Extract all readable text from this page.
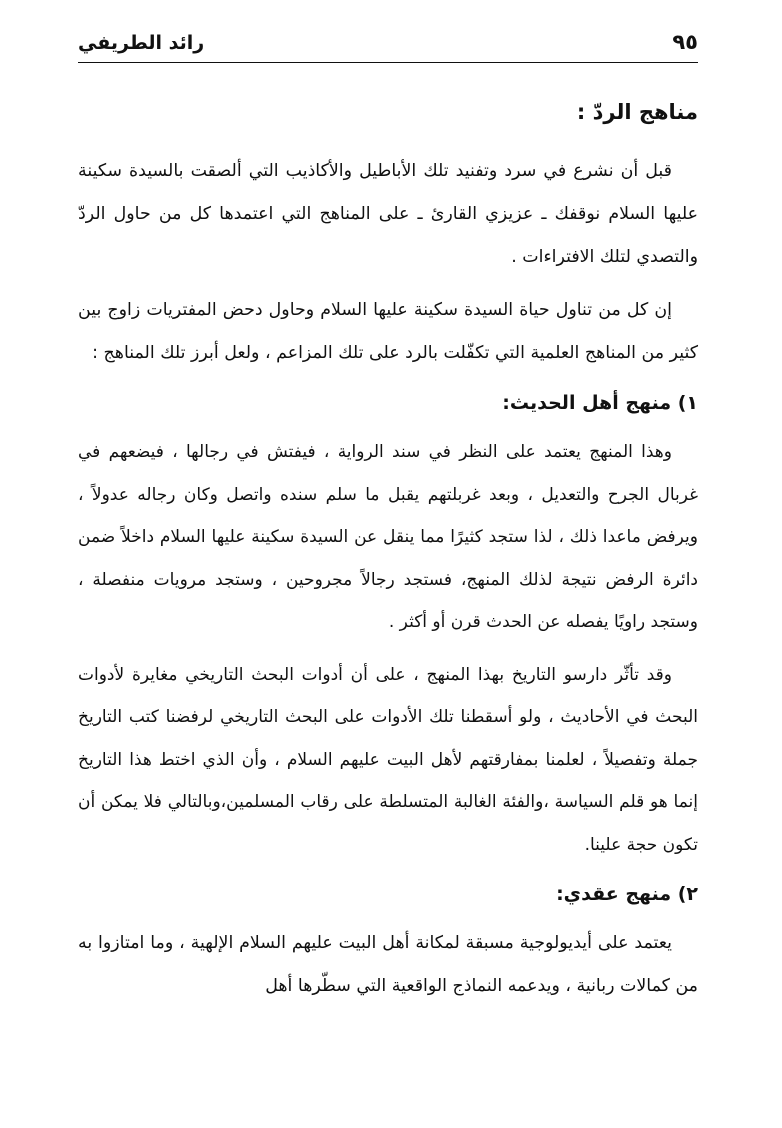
٩٥
رائد الطريفي
مناهج الردّ :

قبل أن نشرع في سرد وتفنيد تلك الأباطيل والأكاذيب التي ألصقت بالسيدة سكينة عليها السلام نوقفك ـ عزيزي القارئ ـ على المناهج التي اعتمدها كل من حاول الردّ والتصدي لتلك الافتراءات .

إن كل من تناول حياة السيدة سكينة عليها السلام وحاول دحض المفتريات زاوج بين كثير من المناهج العلمية التي تكفّلت بالرد على تلك المزاعم ، ولعل أبرز تلك المناهج :

١) منهج أهل الحديث:

وهذا المنهج يعتمد على النظر في سند الرواية ، فيفتش في رجالها ، فيضعهم في غربال الجرح والتعديل ، وبعد غربلتهم يقبل ما سلم سنده واتصل وكان رجاله عدولاً ، ويرفض ماعدا ذلك ، لذا ستجد كثيرًا مما ينقل عن السيدة سكينة عليها السلام داخلاً ضمن دائرة الرفض نتيجة لذلك المنهج، فستجد رجالاً مجروحين ، وستجد مرويات منفصلة ، وستجد راويًا يفصله عن الحدث قرن أو أكثر .

وقد تأثّر دارسو التاريخ بهذا المنهج ، على أن أدوات البحث التاريخي مغايرة لأدوات البحث في الأحاديث ، ولو أسقطنا تلك الأدوات على البحث التاريخي لرفضنا كتب التاريخ جملة وتفصيلاً ، لعلمنا بمفارقتهم لأهل البيت عليهم السلام ، وأن الذي اختط هذا التاريخ إنما هو قلم السياسة ،والفئة الغالبة المتسلطة على رقاب المسلمين،وبالتالي فلا يمكن أن تكون حجة علينا.

٢) منهج عقدي:

يعتمد على أيديولوجية مسبقة لمكانة أهل البيت عليهم السلام الإلهية ، وما امتازوا به من كمالات ربانية ، ويدعمه النماذج الواقعية التي سطّرها أهل
